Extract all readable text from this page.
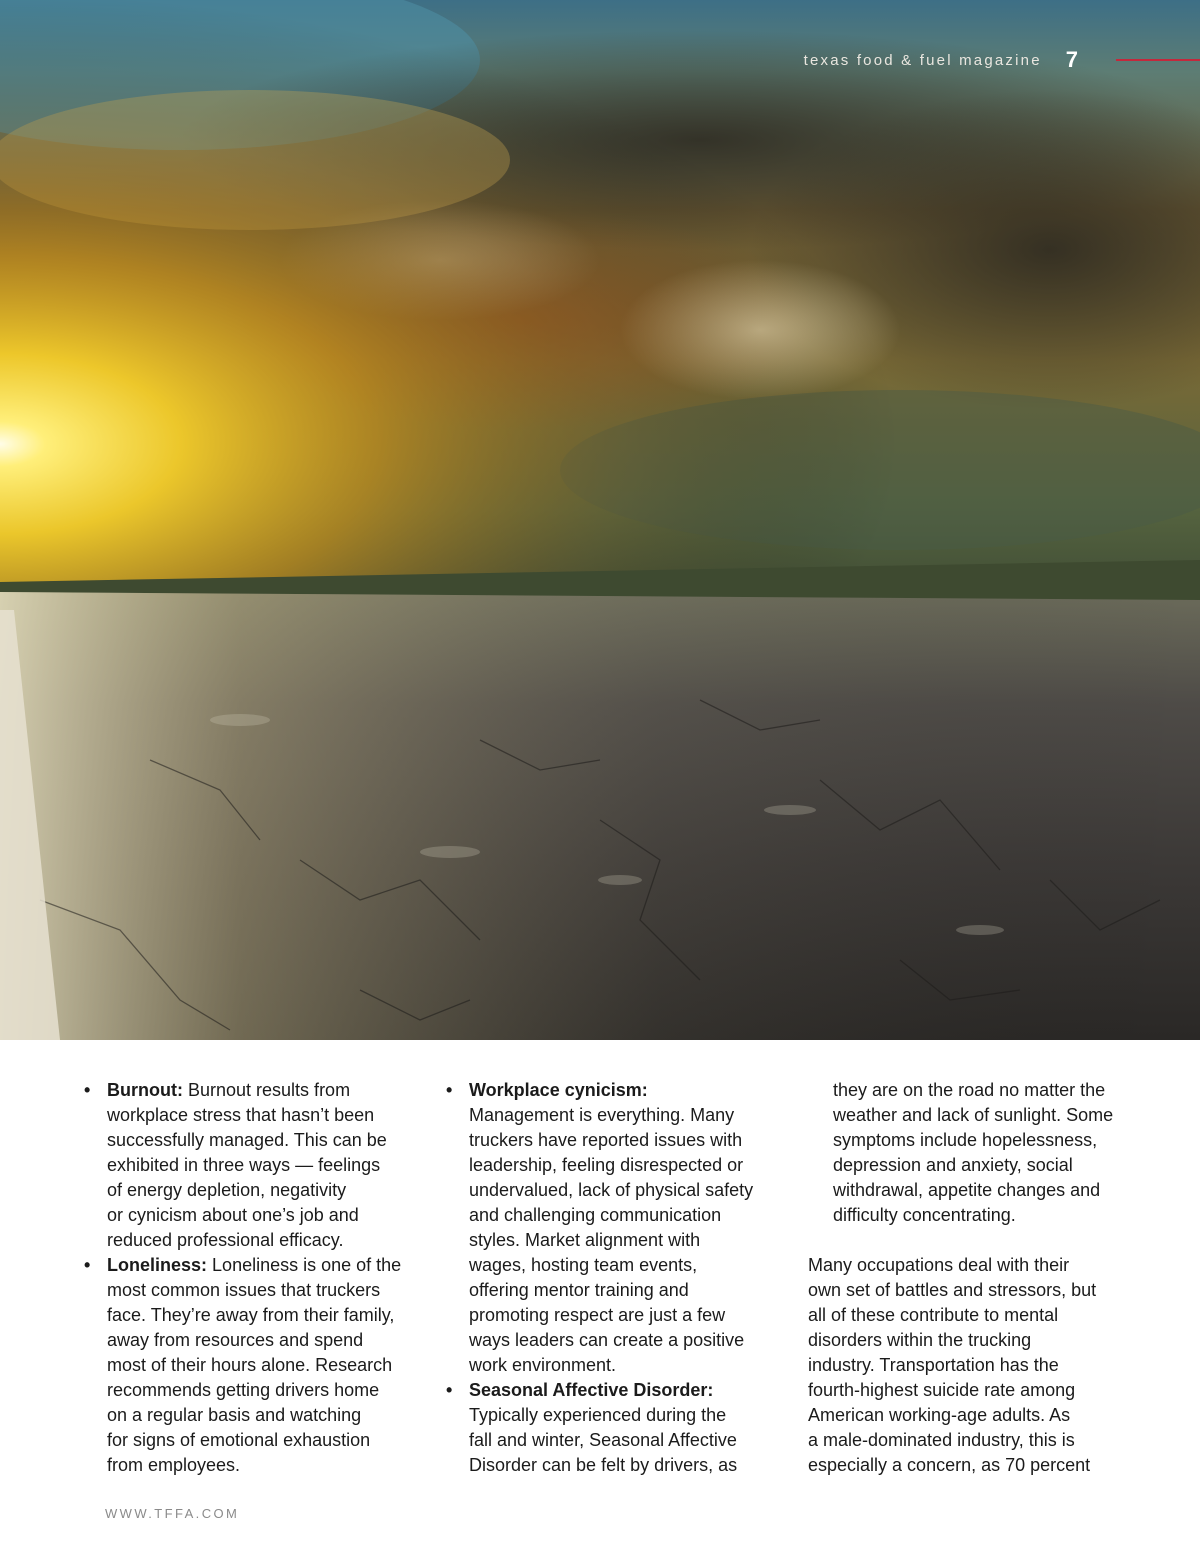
texas food & fuel magazine 7
• Burnout: Burnout results from
workplace stress that hasn’t been
successfully managed. This can be
exhibited in three ways — feelings
of energy depletion, negativity
or cynicism about one’s job and
reduced professional efficacy.
• Loneliness: Loneliness is one of the
most common issues that truckers
face. They’re away from their family,
away from resources and spend
most of their hours alone. Research
recommends getting drivers home
on a regular basis and watching
for signs of emotional exhaustion
from employees.
• Workplace cynicism:
Management is everything. Many
truckers have reported issues with
leadership, feeling disrespected or
undervalued, lack of physical safety
and challenging communication
styles. Market alignment with
wages, hosting team events,
offering mentor training and
promoting respect are just a few
ways leaders can create a positive
work environment.
• Seasonal Affective Disorder:
Typically experienced during the
fall and winter, Seasonal Affective
Disorder can be felt by drivers, as
they are on the road no matter the
weather and lack of sunlight. Some
symptoms include hopelessness,
depression and anxiety, social
withdrawal, appetite changes and
difficulty concentrating.
Many occupations deal with their
own set of battles and stressors, but
all of these contribute to mental
disorders within the trucking
industry. Transportation has the
fourth-highest suicide rate among
American working-age adults. As
a male-dominated industry, this is
especially a concern, as 70 percent
WWW.TFFA.COM
